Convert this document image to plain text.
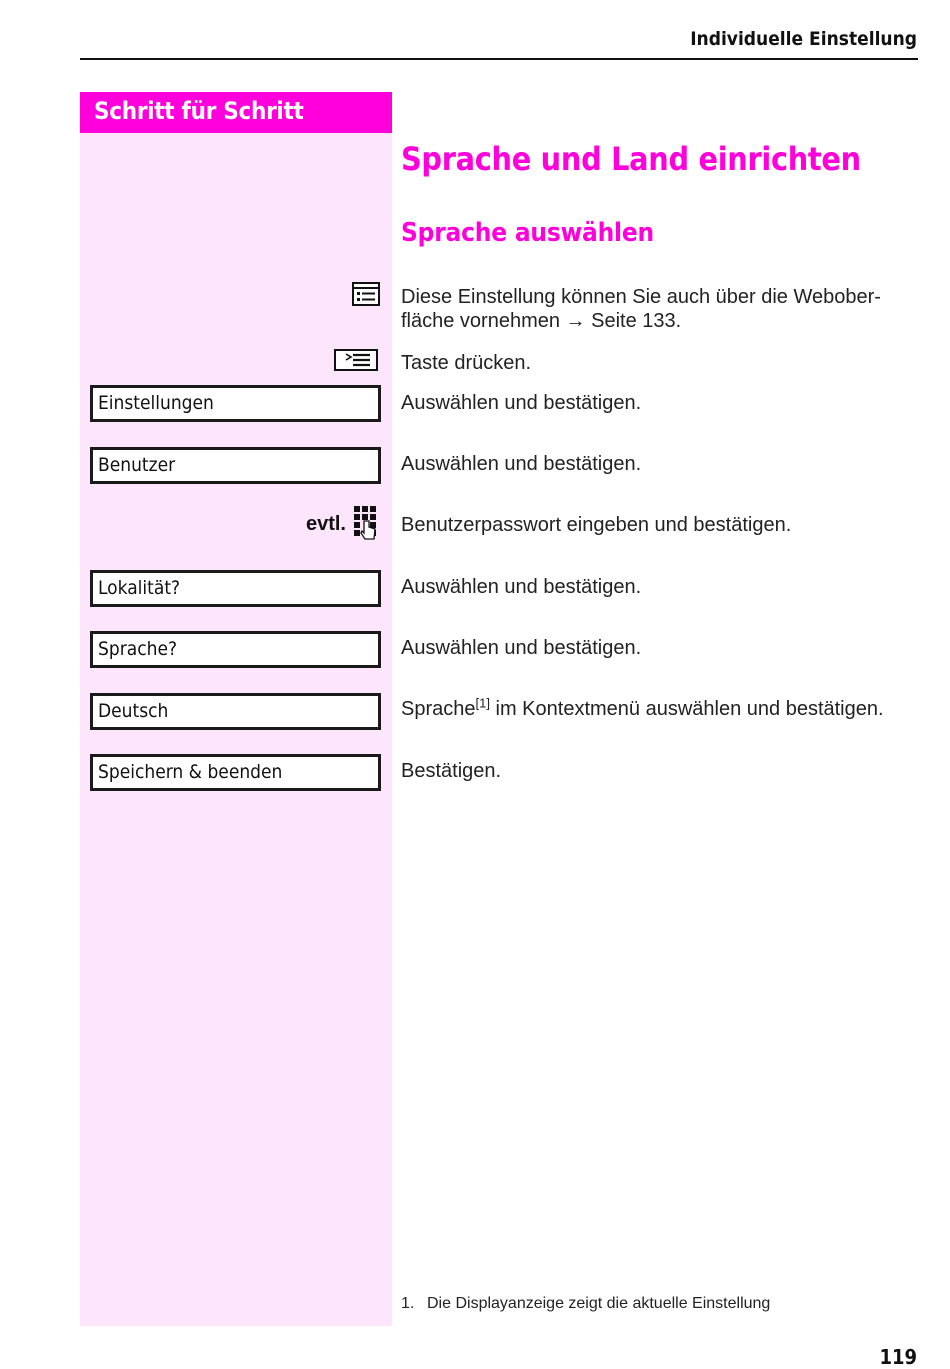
Individuelle Einstellung
Schritt für Schritt
Sprache und Land einrichten
Sprache auswählen
Diese Einstellung können Sie auch über die Webober-
fläche vornehmen → Seite 133.
Taste drücken.
Einstellungen	Auswählen und bestätigen.
Benutzer	Auswählen und bestätigen.
evtl.	Benutzerpasswort eingeben und bestätigen.
Lokalität?	Auswählen und bestätigen.
Sprache?	Auswählen und bestätigen.
Deutsch	Sprache[1] im Kontextmenü auswählen und bestätigen.
Speichern & beenden	Bestätigen.
1. Die Displayanzeige zeigt die aktuelle Einstellung
119
